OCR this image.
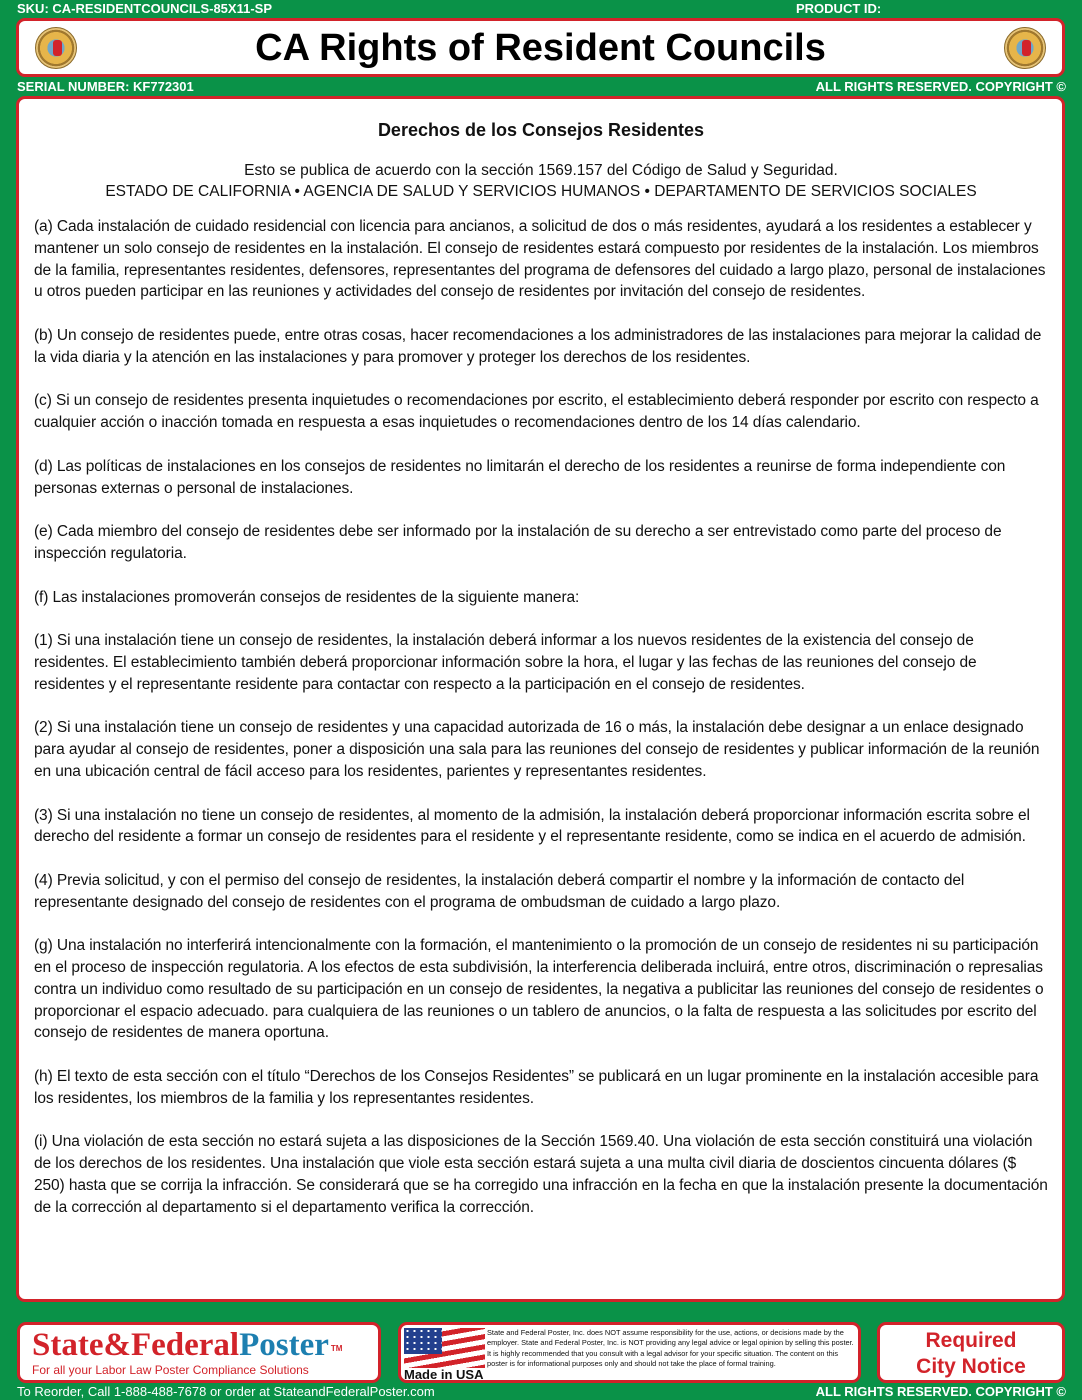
SKU: CA-RESIDENTCOUNCILS-85X11-SP	PRODUCT ID:
CA Rights of Resident Councils
SERIAL NUMBER: KF772301	ALL RIGHTS RESERVED. COPYRIGHT ©
Derechos de los Consejos Residentes
Esto se publica de acuerdo con la sección 1569.157 del Código de Salud y Seguridad.
ESTADO DE CALIFORNIA • AGENCIA DE SALUD Y SERVICIOS HUMANOS • DEPARTAMENTO DE SERVICIOS SOCIALES

(a) Cada instalación de cuidado residencial con licencia para ancianos, a solicitud de dos o más residentes, ayudará a los residentes a establecer y mantener un solo consejo de residentes en la instalación. El consejo de residentes estará compuesto por residentes de la instalación. Los miembros de la familia, representantes residentes, defensores, representantes del programa de defensores del cuidado a largo plazo, personal de instalaciones u otros pueden participar en las reuniones y actividades del consejo de residentes por invitación del consejo de residentes.

(b) Un consejo de residentes puede, entre otras cosas, hacer recomendaciones a los administradores de las instalaciones para mejorar la calidad de la vida diaria y la atención en las instalaciones y para promover y proteger los derechos de los residentes.

(c) Si un consejo de residentes presenta inquietudes o recomendaciones por escrito, el establecimiento deberá responder por escrito con respecto a cualquier acción o inacción tomada en respuesta a esas inquietudes o recomendaciones dentro de los 14 días calendario.

(d) Las políticas de instalaciones en los consejos de residentes no limitarán el derecho de los residentes a reunirse de forma independiente con personas externas o personal de instalaciones.

(e) Cada miembro del consejo de residentes debe ser informado por la instalación de su derecho a ser entrevistado como parte del proceso de inspección regulatoria.

(f) Las instalaciones promoverán consejos de residentes de la siguiente manera:

(1) Si una instalación tiene un consejo de residentes, la instalación deberá informar a los nuevos residentes de la existencia del consejo de residentes. El establecimiento también deberá proporcionar información sobre la hora, el lugar y las fechas de las reuniones del consejo de residentes y el representante residente para contactar con respecto a la participación en el consejo de residentes.

(2) Si una instalación tiene un consejo de residentes y una capacidad autorizada de 16 o más, la instalación debe designar a un enlace designado para ayudar al consejo de residentes, poner a disposición una sala para las reuniones del consejo de residentes y publicar información de la reunión en una ubicación central de fácil acceso para los residentes, parientes y representantes residentes.

(3) Si una instalación no tiene un consejo de residentes, al momento de la admisión, la instalación deberá proporcionar información escrita sobre el derecho del residente a formar un consejo de residentes para el residente y el representante residente, como se indica en el acuerdo de admisión.

(4) Previa solicitud, y con el permiso del consejo de residentes, la instalación deberá compartir el nombre y la información de contacto del representante designado del consejo de residentes con el programa de ombudsman de cuidado a largo plazo.

(g) Una instalación no interferirá intencionalmente con la formación, el mantenimiento o la promoción de un consejo de residentes ni su participación en el proceso de inspección regulatoria. A los efectos de esta subdivisión, la interferencia deliberada incluirá, entre otros, discriminación o represalias contra un individuo como resultado de su participación en un consejo de residentes, la negativa a publicitar las reuniones del consejo de residentes o proporcionar el espacio adecuado. para cualquiera de las reuniones o un tablero de anuncios, o la falta de respuesta a las solicitudes por escrito del consejo de residentes de manera oportuna.

(h) El texto de esta sección con el título “Derechos de los Consejos Residentes” se publicará en un lugar prominente en la instalación accesible para los residentes, los miembros de la familia y los representantes residentes.

(i) Una violación de esta sección no estará sujeta a las disposiciones de la Sección 1569.40. Una violación de esta sección constituirá una violación de los derechos de los residentes. Una instalación que viole esta sección estará sujeta a una multa civil diaria de doscientos cincuenta dólares ($ 250) hasta que se corrija la infracción. Se considerará que se ha corregido una infracción en la fecha en que la instalación presente la documentación de la corrección al departamento si el departamento verifica la corrección.

State&FederalPoster ™
For all your Labor Law Poster Compliance Solutions	Made in USA
State and Federal Poster, Inc. does NOT assume responsibility for the use, actions, or decisions made by the employer. State and Federal Poster, Inc. is NOT providing any legal advice or legal opinion by selling this poster. It is highly recommended that you consult with a legal advisor for your specific situation. The content on this poster is for informational purposes only and should not take the place of formal training.
Required
City Notice
To Reorder, Call 1-888-488-7678 or order at StateandFederalPoster.com	ALL RIGHTS RESERVED. COPYRIGHT ©
